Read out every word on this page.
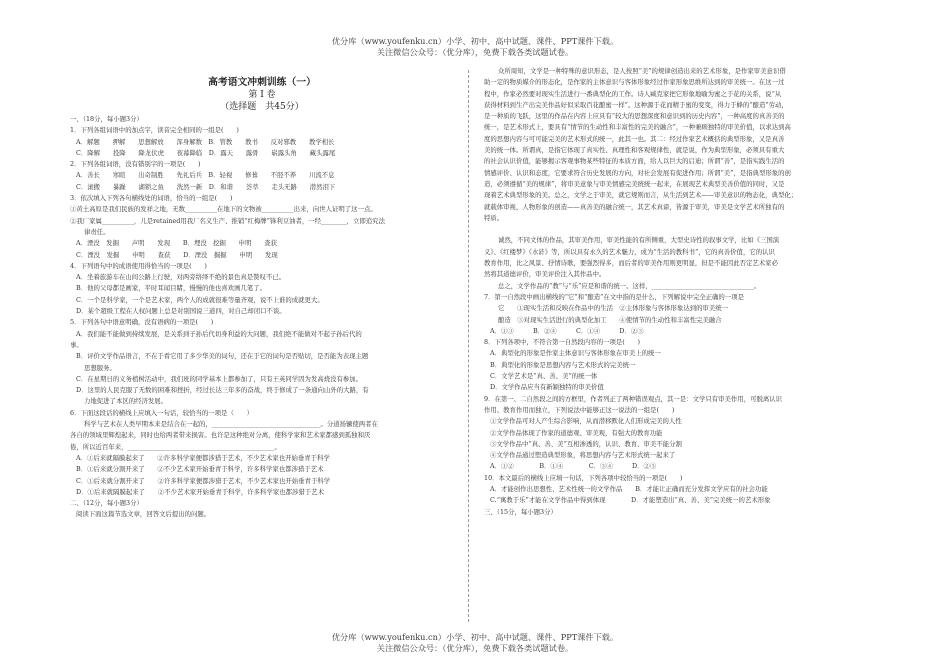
优分库（www.youfenku.cn）小学、初中、高中试题、课件、PPT课件下载。
关注微信公众号：（优分库），免费下载各类试题试卷。
高考语文冲刺训练（一）
第 Ⅰ 卷
（选择题　共45分）

一、（18分，每小题3分）

1．下列各组词语中的加点字，读音完全相同的一组是(　　)

A．解题　　押解　　思想解放　　浑身解数　B．管教　　教书　　反对邪教　　教学相长

C．降解　　投降　　降龙伏虎　　夜幕降临　D．露天　　露骨　　崭露头角　　藏头露尾

2．下列各组词语，没有错别字的一项是(　　)

A．善长　　寒暄　　出奇制胜　　先礼后兵　B．轻视　　修葺　　不胫不养　　川流不息

C．滚搬　　暴躁　　湖锁之鱼　　洗然一新　D．和谐　　荟萃　　走头无路　　潜然泪下

3．依次填入下列各句横线处的词语，恰当的一组是(　　)

①黄土高原是我们民族的发祥之地，无数__________在地下的文物被__________出来，向世人证明了这一点。

②我厂家属__________，儿是retained用我厂名义生产、推销“红梅牌”锋利豆油者，一经________，立即追究法

律责任。

A．湮没　发掘　　声明　　发现　　B．埋没　挖掘　　申明　　查获

C．湮没　发掘　　申明　　查获　　D．湮没　掘掘　　申明　　发现

4．下列语句中的成语使用得恰当的一项是(　　)

A．坐着旅游车在山间公路上行驶，对两旁络绎不绝的景色真是赞叹不已。

B．他的父母都是画家，平时耳闻目睹，慢慢的他也喜欢画几笔了。

C．一个是科学家，一个是艺术家，两个人的成就很难等量齐观，说不上谁的成就更大。

D．某个超级工程在人权问题上总是对别国说三道四，对自己却闭口不谈。

5．下列各句中语意明确，没有语病的一项是(　　)

A．我们能不能做到持续发展，是关系到子孙后代切身利益的大问题，我们绝不能做对不起子孙后代的

事。

B．评价文学作品语言，不在于看它用了多少华美的词句，还在于它的词句是否贴切，是否能为表现主题

思想服务。

C．在星期日的义务植树活动中，我们班的同学基本上都参加了，只有王英同学因为发高烧没有参加。

D．这里的人民克服了无数的困难和挫折，经过长达三年多的奋战，终于修成了一条通向山外的大路，有

力地促进了本区的经济发展。

6．下面这段话的横线上应填入一句话，较恰当的一项是（　　）

科学与艺术在人类早期本来是结合在一起的，__________________________________。分道扬镳使两者在

各自的领域里辉煌起来，同时也给两者带来损害。也许是这种绝对分离，使科学家和艺术家都感到孤独和厌

倦，所以近百年来，______________________________________________。

A．①后来就隔膜起来了　　②许多科学家便都涉猎于艺术，不少艺术家也开始垂青于科学

B．①后来就分割开来了　　②不少艺术家开始垂青于科学，许多科学家也都涉猎于艺术

C．①后来就分割开来了　　②许多科学家便都涉猎于艺术，不少艺术家也开始垂青于科学

D．①后来就隔膜起来了　　②不少艺术家开始垂青于科学，许多科学家也都涉猎于艺术

二、（12分，每小题3分）

阅读下面这篇节选文章，回答文后提出的问题。

众所周知，文学是一种特殊的意识形态，是人按照“美”的规律创造出来的艺术形象，是作家审美意识借

助一定的物质媒介的形态化，是作家的主体意识与客体形象经过作家形象思维所达到的审美统一。在这一过

程中，作家必然要对现实生活进行一番典型化的工作。诗人臧克家把它形象地喻为蜜之于花的关系，说“从

获得材料到生产出完美作品好似采取百花酿蜜一样”。这种源于花而精于蜜的变变，得力于蜂的“酿造”劳动，

是一种质的飞跃，这里的作品在内容上应具有“较大的思想深度和意识到的历史内容”，一种高度的真善美的

统一，是艺术形式上，要具有“情节的生动性和丰富性的完美的融合”，一种兼顾独特的审美价值，以求达到高

度的思想内容与可可能完美的艺术形式的统一，此其一也。其二：经过作家艺术概括的典型形象，又是真善

美的统一体。所谓真，是指它体现了真实性、真理性和客观规律性，就是说，作为典型形象，必须具有重大

的社会认识价值，能够揭示客观事物某些特征的本质方面，给人以巨大的启迪；所谓“善”，是指实践生活的

情感评价、认识和态度，它要求符合历史发展的方向，对社会发展有促进作用；所谓“美”，是指典型形象的创

造，必须遵循“美的规律”，将审美意象与审美情感完美统统一起来，在展现艺术典型美善价值的同时，又是

现着艺术典型形象的美。总之，文学之于审美，就它规则而言，从生活到艺术——审美意识的物态化，典型化；

就载体审视，人物形象的创造——真善美的融合统一，其艺术真谛，皆源于审美，审美是文学艺术所独有的

特质。

诚然，不同文体的作品，其审美作用，审美性能的有所侧重，大型史诗性的叙事文学，比如《三国演

义》、《红楼梦》《水浒》等，所以具有永久的艺术魅力，成为“生活的教科书”，它的真善价值，它的认识

教育作用，比之风景、抒情诗歌，要强烈得多，而后者的审美作用则更明显，但是不能因此否定艺术家必

然将其道德评价，审美评价注入其作品中。

总之，文学作品的“教”与“乐”应是和谐的统一。这样，________________________________。

7．第一自然段中画出横线的“它”和“酿造”在文中指的是什么，下列解说中完全正确的一项是

它　　①现实生活和反映在作品中的生活　②主体形象与客体形象达到的审美统一

酿造　③对现实生活进行的典型化加工　　④使情节的生动性和丰富性完美融合

A．①③　　　B．②④　　　C．①④　　　D．②③

8．下列各项中，不符合第一自然段内容的一项是(　　)

A．典型化的形象是作家主体意识与客体形象在审美上的统一

B．典型化的形象是思想内容与艺术形式的完美统一

C．文学艺术是“真、善、美”的统一体

D．文学作品应当有新颖独特的审美价值

9．在第一、二自然段之间的方框里，作者列正了两种错误观点，其一是：文学只有审美作用，可脱离认识

作用、教育作用而独立，下列说法中能够正这一说法的一组是(　　)

①文学作品可对人产生综合影响，从而潜移默化人们形成完美的人性

②文学作品体现了作家的道德观、审美观，有强大的教育功能

③文学作品中“真、善、美”互相渗透的，认识、教育、审美不能分割

④文学作品通过塑造典型形象，将思想内容与艺术形式统一起来了

A．①②　　　　B．①④　　　　C．③④　　　D．②③

10．本文最后的横线上应填一句话，下列各项中较恰当的一项是(　　)

A．才能创作出思想性、艺术性统一的文学作品　　B．才能让正确而充分发挥文学应有的社会功能

C.“寓教于乐”才能在文学作品中得到体现　　　　D．才能塑造出“真、善、美”完美统一的艺术形象

三、（15分，每小题3分）

优分库（www.youfenku.cn）小学、初中、高中试题、课件、PPT课件下载。
关注微信公众号：（优分库），免费下载各类试题试卷。
